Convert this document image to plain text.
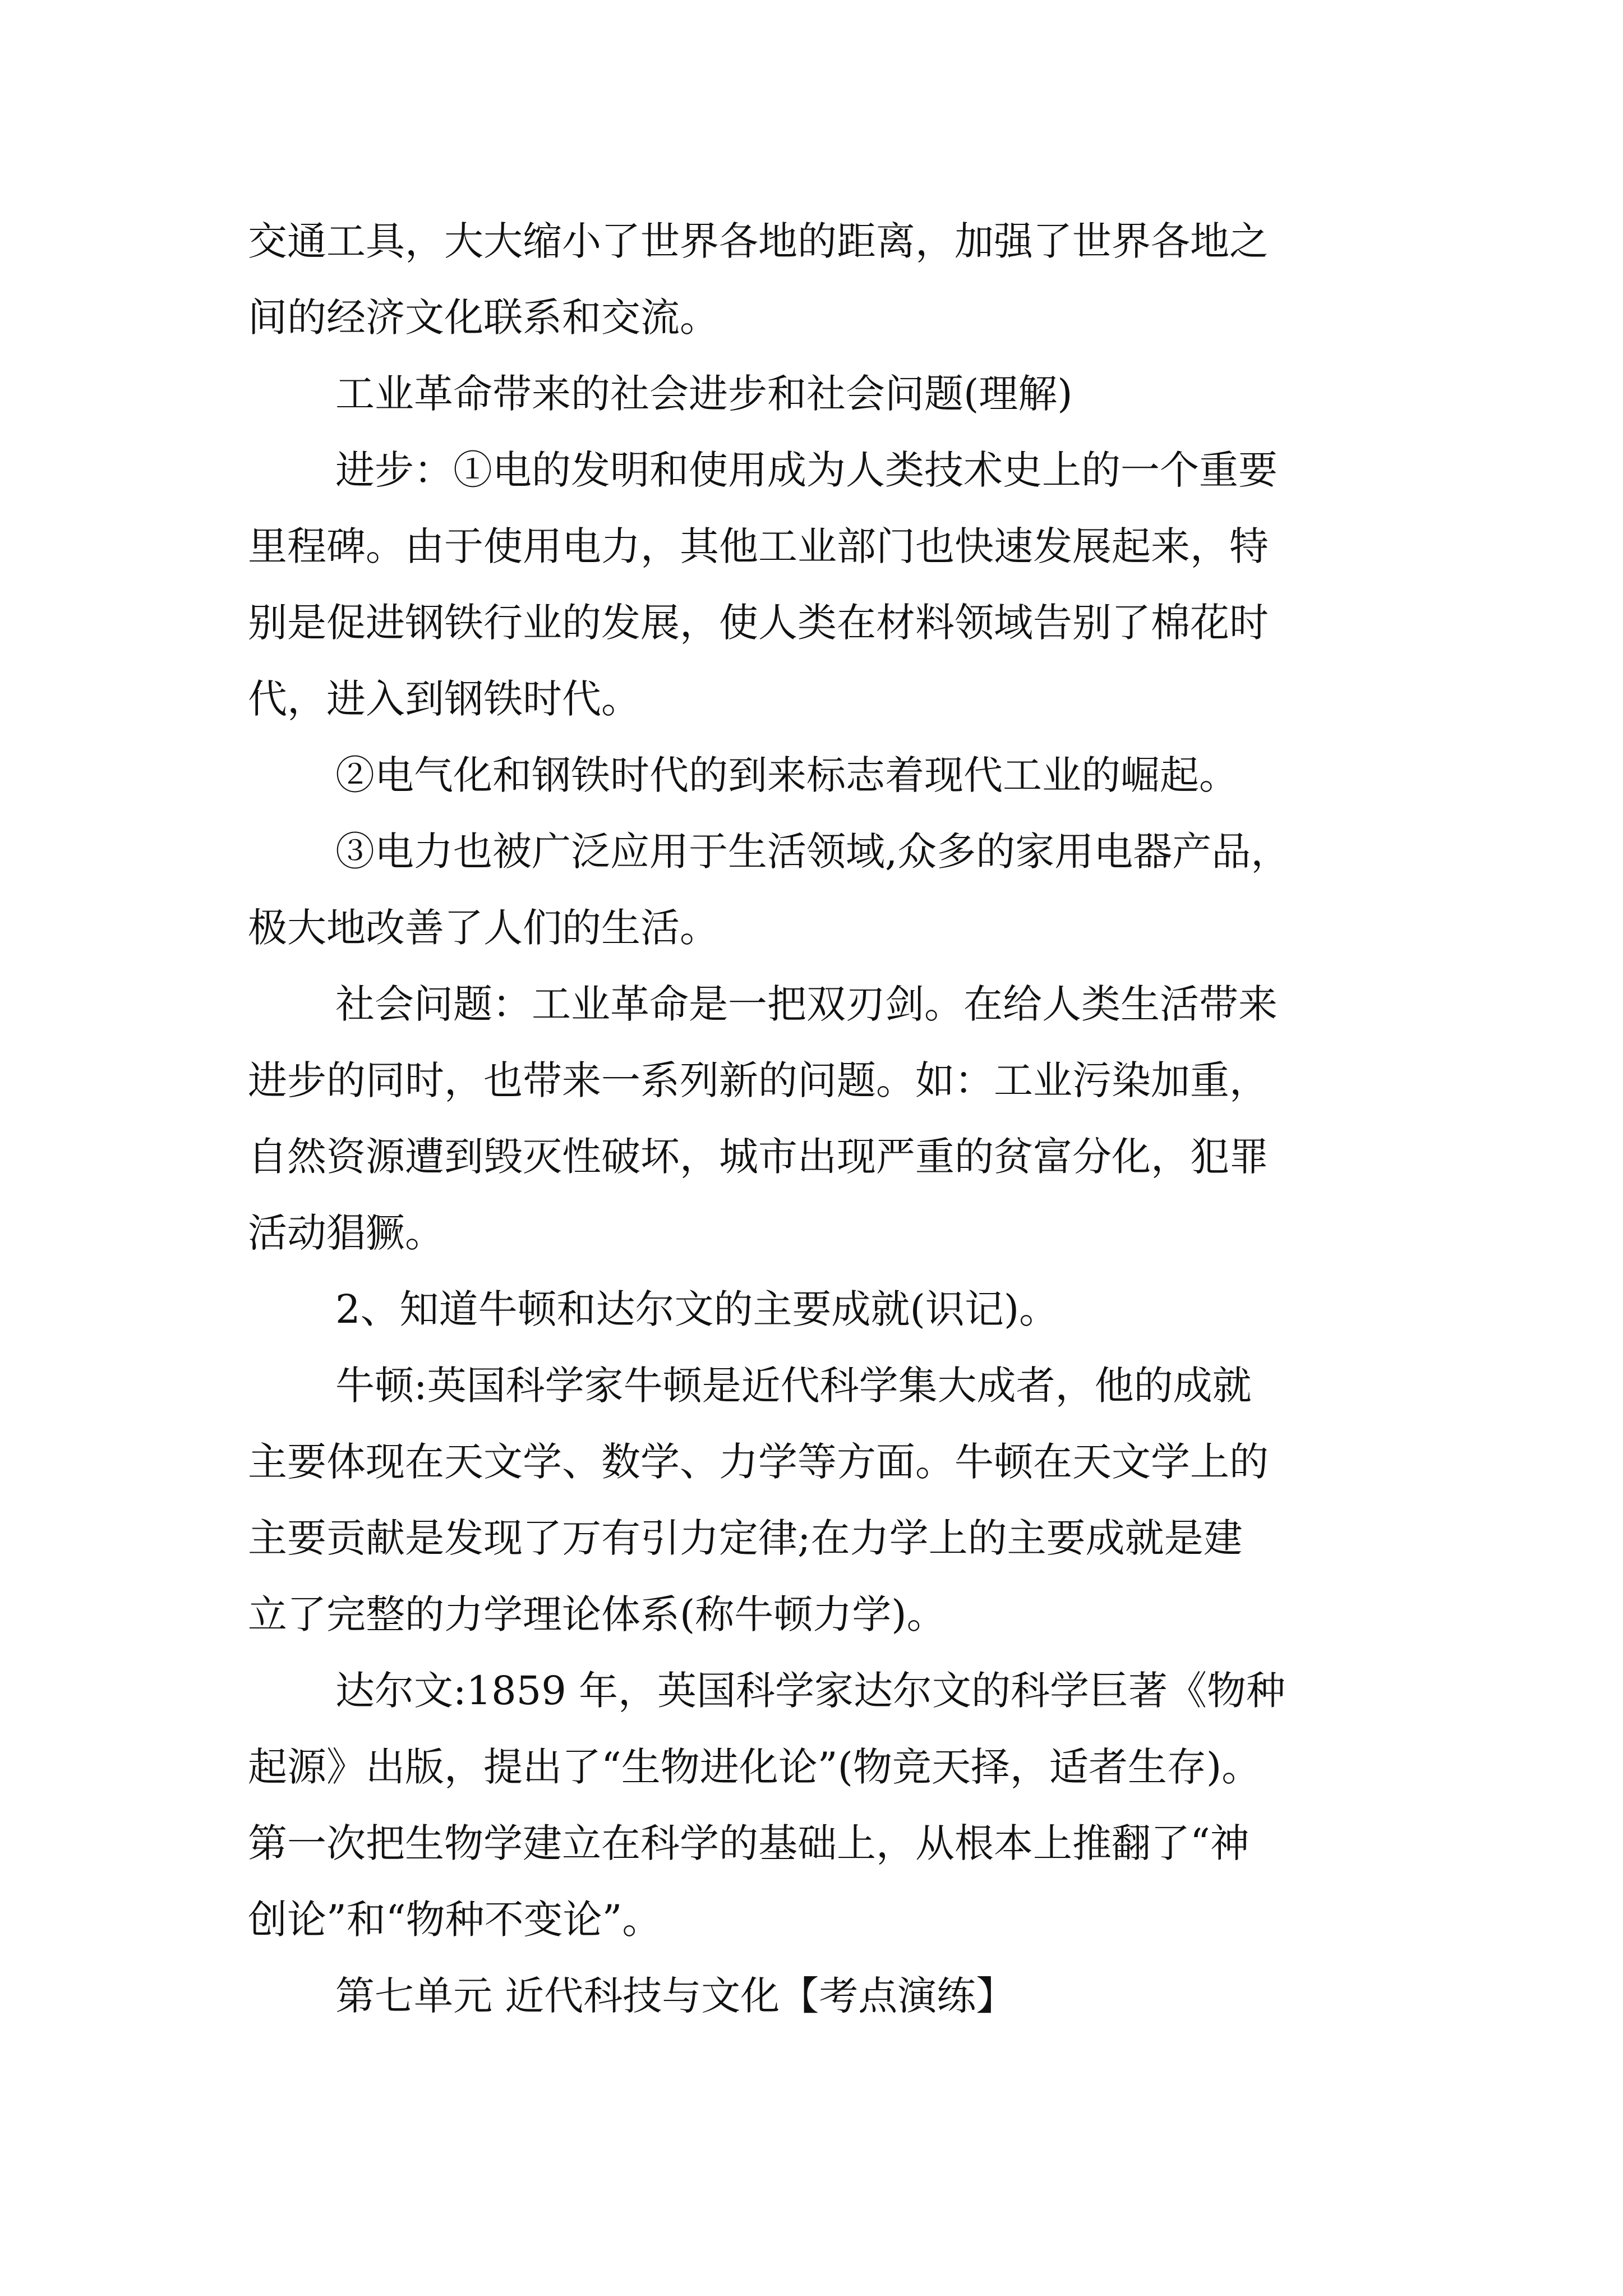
交通工具，大大缩小了世界各地的距离，加强了世界各地之

间的经济文化联系和交流。

工业革命带来的社会进步和社会问题(理解)

进步：①电的发明和使用成为人类技术史上的一个重要

里程碑。由于使用电力，其他工业部门也快速发展起来，特

别是促进钢铁行业的发展，使人类在材料领域告别了棉花时

代，进入到钢铁时代。

②电气化和钢铁时代的到来标志着现代工业的崛起。

③电力也被广泛应用于生活领域,众多的家用电器产品，

极大地改善了人们的生活。

社会问题：工业革命是一把双刃剑。在给人类生活带来

进步的同时，也带来一系列新的问题。如：工业污染加重，

自然资源遭到毁灭性破坏，城市出现严重的贫富分化，犯罪

活动猖獗。

2、知道牛顿和达尔文的主要成就(识记)。

牛顿:英国科学家牛顿是近代科学集大成者，他的成就

主要体现在天文学、数学、力学等方面。牛顿在天文学上的

主要贡献是发现了万有引力定律;在力学上的主要成就是建

立了完整的力学理论体系(称牛顿力学)。

达尔文:1859 年，英国科学家达尔文的科学巨著《物种

起源》出版，提出了“生物进化论”(物竞天择，适者生存)。

第一次把生物学建立在科学的基础上，从根本上推翻了“神

创论”和“物种不变论”。

第七单元 近代科技与文化【考点演练】
